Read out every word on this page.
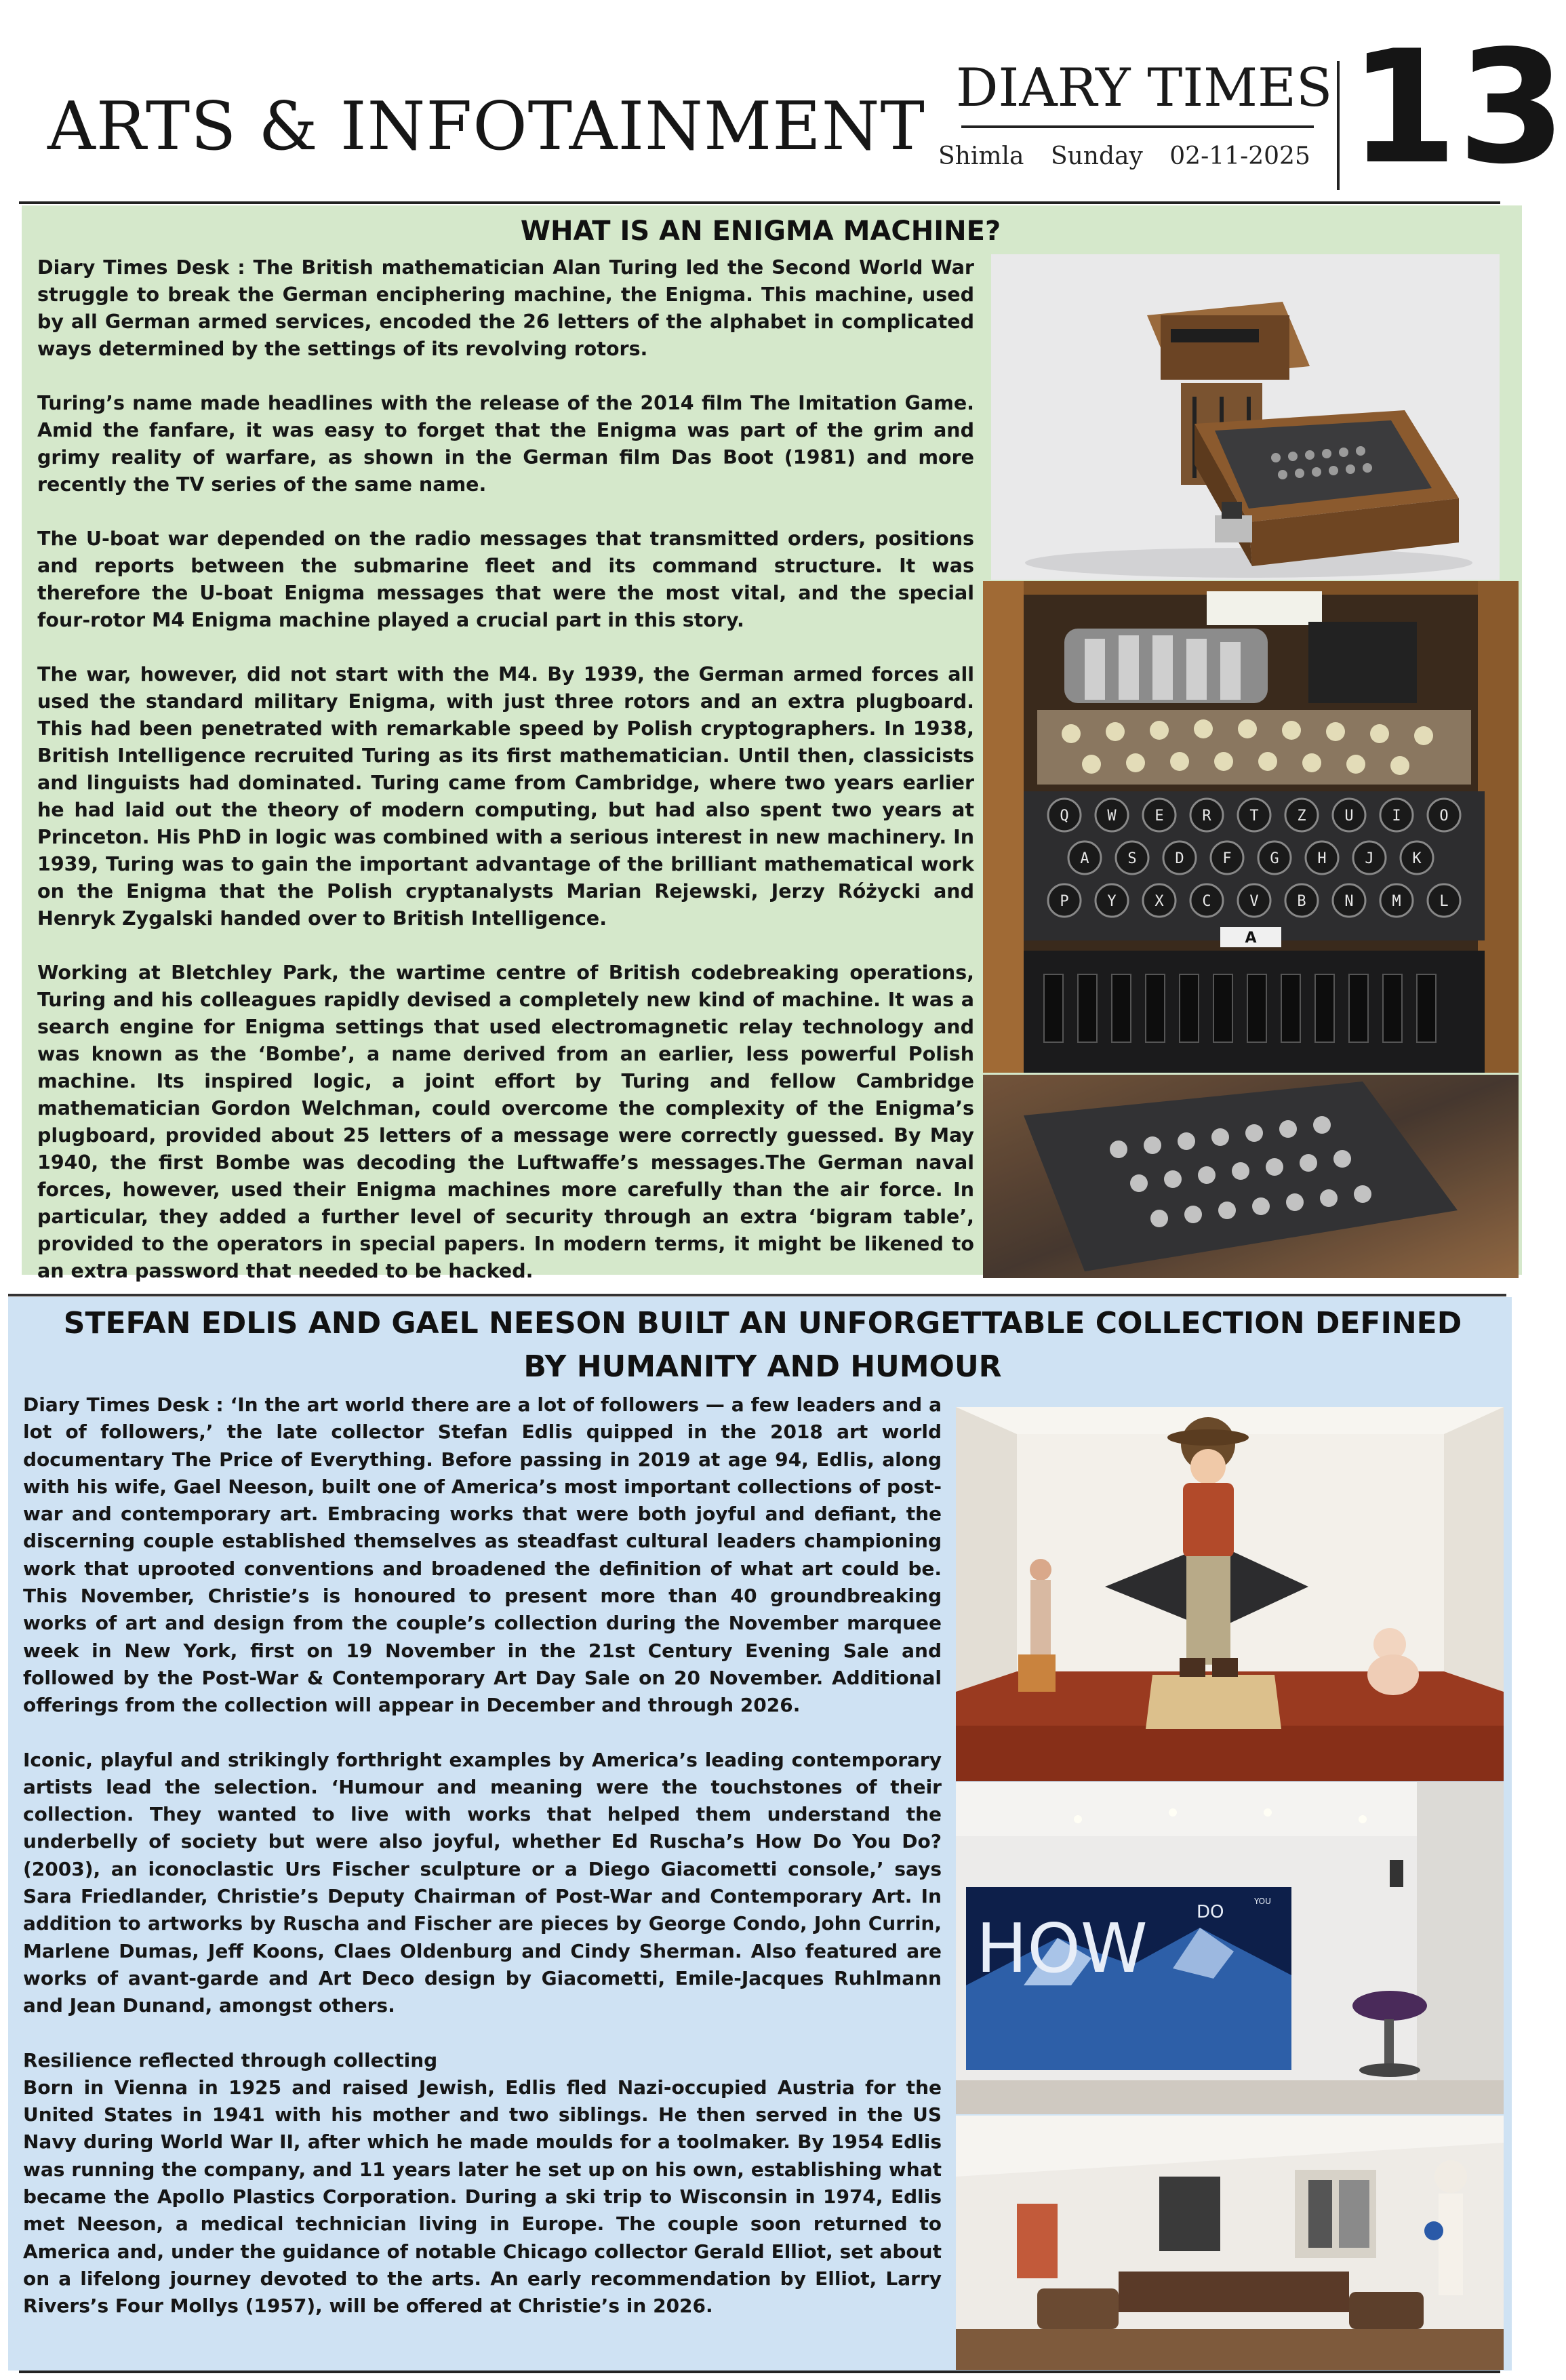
ARTS & INFOTAINMENT DIARY TIMES
Shimla Sunday 02-11-2025 13
WHAT IS AN ENIGMA MACHINE?

Diary Times Desk : The British mathematician Alan Turing led the Second World War struggle to break the German enciphering machine, the Enigma. This machine, used by all German armed services, encoded the 26 letters of the alphabet in complicated ways determined by the settings of its revolving rotors.

Turing’s name made headlines with the release of the 2014 film The Imitation Game. Amid the fanfare, it was easy to forget that the Enigma was part of the grim and grimy reality of warfare, as shown in the German film Das Boot (1981) and more recently the TV series of the same name.

The U-boat war depended on the radio messages that transmitted orders, positions and reports between the submarine fleet and its command structure. It was therefore the U-boat Enigma messages that were the most vital, and the special four-rotor M4 Enigma machine played a crucial part in this story.

The war, however, did not start with the M4. By 1939, the German armed forces all used the standard military Enigma, with just three rotors and an extra plugboard. This had been penetrated with remarkable speed by Polish cryptographers. In 1938, British Intelligence recruited Turing as its first mathematician. Until then, classicists and linguists had dominated. Turing came from Cambridge, where two years earlier he had laid out the theory of modern computing, but had also spent two years at Princeton. His PhD in logic was combined with a serious interest in new machinery. In 1939, Turing was to gain the important advantage of the brilliant mathematical work on the Enigma that the Polish cryptanalysts Marian Rejewski, Jerzy Różycki and Henryk Zygalski handed over to British Intelligence.

Working at Bletchley Park, the wartime centre of British codebreaking operations, Turing and his colleagues rapidly devised a completely new kind of machine. It was a search engine for Enigma settings that used electromagnetic relay technology and was known as the ‘Bombe’, a name derived from an earlier, less powerful Polish machine. Its inspired logic, a joint effort by Turing and fellow Cambridge mathematician Gordon Welchman, could overcome the complexity of the Enigma’s plugboard, provided about 25 letters of a message were correctly guessed. By May 1940, the first Bombe was decoding the Luftwaffe’s messages.The German naval forces, however, used their Enigma machines more carefully than the air force. In particular, they added a further level of security through an extra ‘bigram table’, provided to the operators in special papers. In modern terms, it might be likened to an extra password that needed to be hacked.

Q	W	E	R	T	Z	U	I	O
A	S	D	F	G	H	J	K
P	Y	X	C	V	B	N	M	L
A
STEFAN EDLIS AND GAEL NEESON BUILT AN UNFORGETTABLE COLLECTION DEFINED BY HUMANITY AND HUMOUR

Diary Times Desk : ‘In the art world there are a lot of followers — a few leaders and a lot of followers,’ the late collector Stefan Edlis quipped in the 2018 art world documentary The Price of Everything. Before passing in 2019 at age 94, Edlis, along with his wife, Gael Neeson, built one of America’s most important collections of post-war and contemporary art. Embracing works that were both joyful and defiant, the discerning couple established themselves as steadfast cultural leaders championing work that uprooted conventions and broadened the definition of what art could be. This November, Christie’s is honoured to present more than 40 groundbreaking works of art and design from the couple’s collection during the November marquee week in New York, first on 19 November in the 21st Century Evening Sale and followed by the Post-War & Contemporary Art Day Sale on 20 November. Additional offerings from the collection will appear in December and through 2026.

Iconic, playful and strikingly forthright examples by America’s leading contemporary artists lead the selection. ‘Humour and meaning were the touchstones of their collection. They wanted to live with works that helped them understand the underbelly of society but were also joyful, whether Ed Ruscha’s How Do You Do? (2003), an iconoclastic Urs Fischer sculpture or a Diego Giacometti console,’ says Sara Friedlander, Christie’s Deputy Chairman of Post-War and Contemporary Art. In addition to artworks by Ruscha and Fischer are pieces by George Condo, John Currin, Marlene Dumas, Jeff Koons, Claes Oldenburg and Cindy Sherman. Also featured are works of avant-garde and Art Deco design by Giacometti, Emile-Jacques Ruhlmann and Jean Dunand, amongst others.

Resilience reflected through collecting

Born in Vienna in 1925 and raised Jewish, Edlis fled Nazi-occupied Austria for the United States in 1941 with his mother and two siblings. He then served in the US Navy during World War II, after which he made moulds for a toolmaker. By 1954 Edlis was running the company, and 11 years later he set up on his own, establishing what became the Apollo Plastics Corporation. During a ski trip to Wisconsin in 1974, Edlis met Neeson, a medical technician living in Europe. The couple soon returned to America and, under the guidance of notable Chicago collector Gerald Elliot, set about on a lifelong journey devoted to the arts. An early recommendation by Elliot, Larry Rivers’s Four Mollys (1957), will be offered at Christie’s in 2026.

HOW	DO
YOU
